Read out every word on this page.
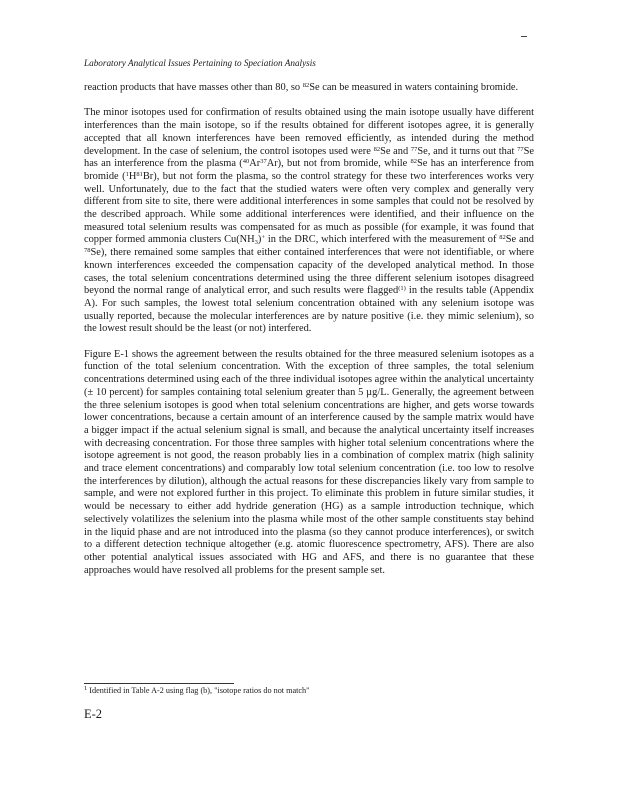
Laboratory Analytical Issues Pertaining to Speciation Analysis

reaction products that have masses other than 80, so $^{82}$Se can be measured in waters containing bromide.

The minor isotopes used for confirmation of results obtained using the main isotope usually have different interferences than the main isotope, so if the results obtained for different isotopes agree, it is generally accepted that all known interferences have been removed efficiently, as intended during the method development. In the case of selenium, the control isotopes used were $^{82}$Se and $^{77}$Se, and it turns out that $^{77}$Se has an interference from the plasma ($^{40}$Ar$^{37}$Ar), but not from bromide, while $^{82}$Se has an interference from bromide $(^1H^{81}Br)$, but not form the plasma, so the control strategy for these two interferences works very well. Unfortunately, due to the fact that the studied waters were often very complex and generally very different from site to site, there were additional interferences in some samples that could not be resolved by the described approach. While some additional interferences were identified, and their influence on the measured total selenium results was compensated for as much as possible (for example, it was found that copper formed ammonia clusters $Cu(NH_3)^+$ in the DRC, which interfered with the measurement of $^{82}$Se and $^{78}$Se), there remained some samples that either contained interferences that were not identifiable, or where known interferences exceeded the compensation capacity of the developed analytical method. In those cases, the total selenium concentrations determined using the three different selenium isotopes disagreed beyond the normal range of analytical error, and such results were flagged$^{(1)}$ in the results table (Appendix A). For such samples, the lowest total selenium concentration obtained with any selenium isotope was usually reported, because the molecular interferences are by nature positive (i.e. they mimic selenium), so the lowest result should be the least (or not) interfered.

Figure E-1 shows the agreement between the results obtained for the three measured selenium isotopes as a function of the total selenium concentration. With the exception of three samples, the total selenium concentrations determined using each of the three individual isotopes agree within the analytical uncertainty (± 10 percent) for samples containing total selenium greater than 5 µg/L. Generally, the agreement between the three selenium isotopes is good when total selenium concentrations are higher, and gets worse towards lower concentrations, because a certain amount of an interference caused by the sample matrix would have a bigger impact if the actual selenium signal is small, and because the analytical uncertainty itself increases with decreasing concentration. For those three samples with higher total selenium concentrations where the isotope agreement is not good, the reason probably lies in a combination of complex matrix (high salinity and trace element concentrations) and comparably low total selenium concentration (i.e. too low to resolve the interferences by dilution), although the actual reasons for these discrepancies likely vary from sample to sample, and were not explored further in this project. To eliminate this problem in future similar studies, it would be necessary to either add hydride generation (HG) as a sample introduction technique, which selectively volatilizes the selenium into the plasma while most of the other sample constituents stay behind in the liquid phase and are not introduced into the plasma (so they cannot produce interferences), or switch to a different detection technique altogether (e.g. atomic fluorescence spectrometry, AFS). There are also other potential analytical issues associated with HG and AFS, and there is no guarantee that these approaches would have resolved all problems for the present sample set.

$^1$ Identified in Table A-2 using flag (b), "isotope ratios do not match"
E-2
